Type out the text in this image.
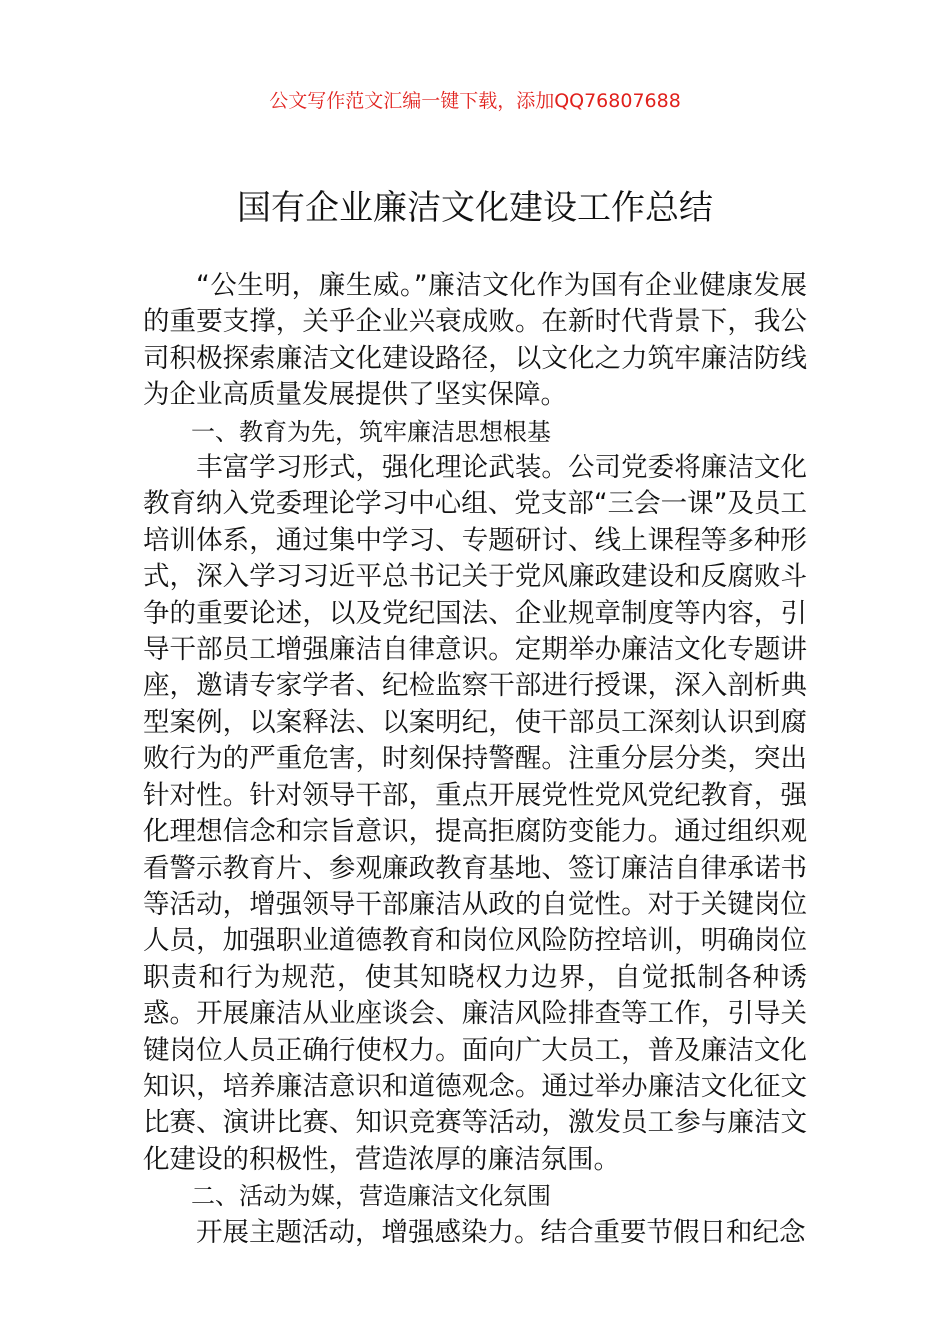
公文写作范文汇编一键下载，添加QQ76807688
国有企业廉洁文化建设工作总结

“公生明，廉生威。”廉洁文化作为国有企业健康发展的重要支撑，关乎企业兴衰成败。在新时代背景下，我公司积极探索廉洁文化建设路径，以文化之力筑牢廉洁防线为企业高质量发展提供了坚实保障。

一、教育为先，筑牢廉洁思想根基

丰富学习形式，强化理论武装。公司党委将廉洁文化教育纳入党委理论学习中心组、党支部“三会一课”及员工培训体系，通过集中学习、专题研讨、线上课程等多种形式，深入学习习近平总书记关于党风廉政建设和反腐败斗争的重要论述，以及党纪国法、企业规章制度等内容，引导干部员工增强廉洁自律意识。定期举办廉洁文化专题讲座，邀请专家学者、纪检监察干部进行授课，深入剖析典型案例，以案释法、以案明纪，使干部员工深刻认识到腐败行为的严重危害，时刻保持警醒。注重分层分类，突出针对性。针对领导干部，重点开展党性党风党纪教育，强化理想信念和宗旨意识，提高拒腐防变能力。通过组织观看警示教育片、参观廉政教育基地、签订廉洁自律承诺书等活动，增强领导干部廉洁从政的自觉性。对于关键岗位人员，加强职业道德教育和岗位风险防控培训，明确岗位职责和行为规范，使其知晓权力边界，自觉抵制各种诱惑。开展廉洁从业座谈会、廉洁风险排查等工作，引导关键岗位人员正确行使权力。面向广大员工，普及廉洁文化知识，培养廉洁意识和道德观念。通过举办廉洁文化征文比赛、演讲比赛、知识竞赛等活动，激发员工参与廉洁文化建设的积极性，营造浓厚的廉洁氛围。

二、活动为媒，营造廉洁文化氛围

开展主题活动，增强感染力。结合重要节假日和纪念
